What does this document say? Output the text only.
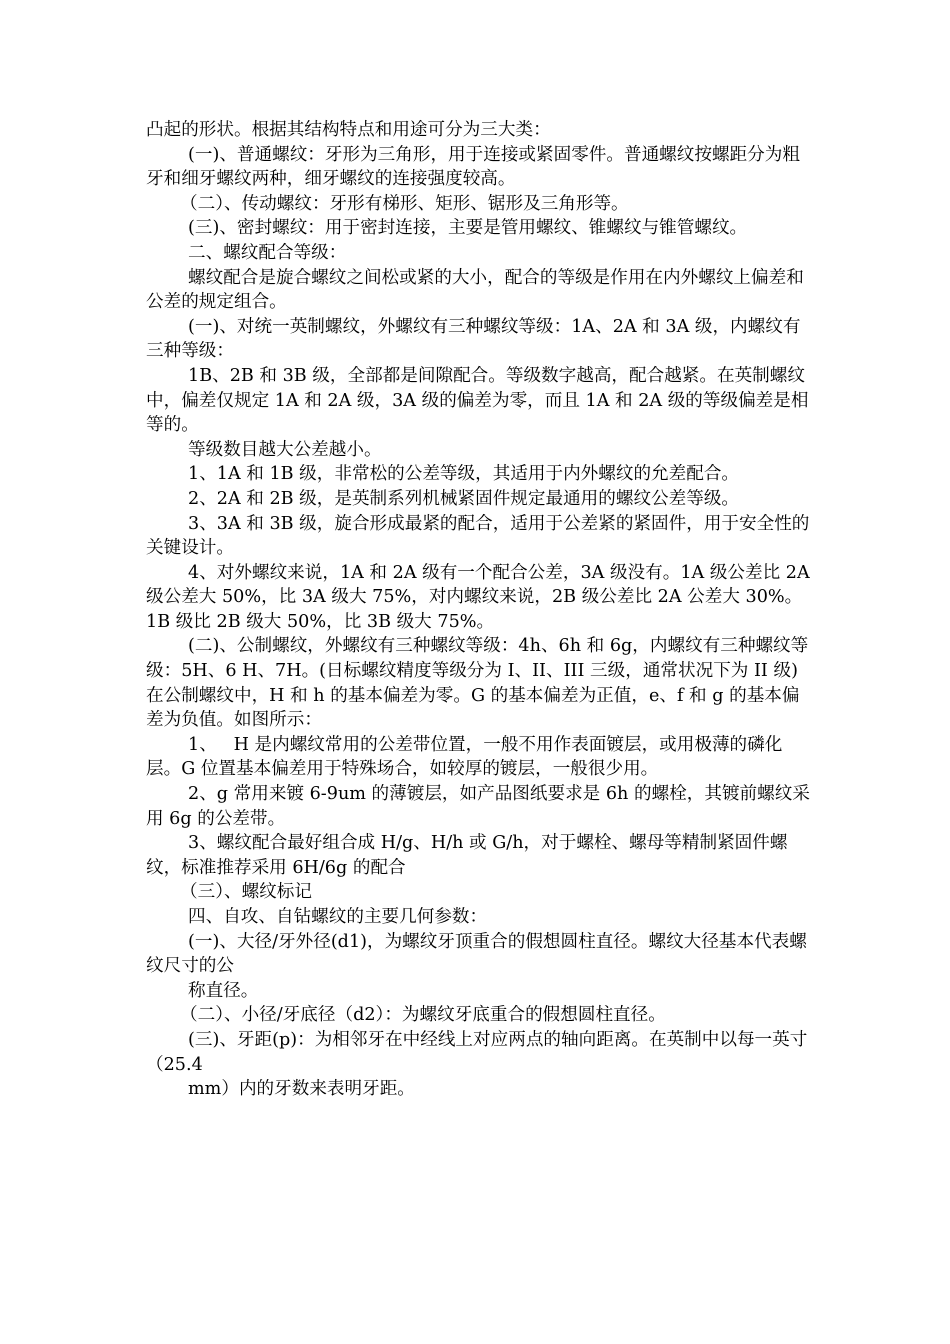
凸起的形状。根据其结构特点和用途可分为三大类：

(一)、普通螺纹：牙形为三角形，用于连接或紧固零件。普通螺纹按螺距分为粗牙和细牙螺纹两种，细牙螺纹的连接强度较高。

（二）、传动螺纹：牙形有梯形、矩形、锯形及三角形等。

(三)、密封螺纹：用于密封连接，主要是管用螺纹、锥螺纹与锥管螺纹。

二、螺纹配合等级：

螺纹配合是旋合螺纹之间松或紧的大小，配合的等级是作用在内外螺纹上偏差和公差的规定组合。

(一)、对统一英制螺纹，外螺纹有三种螺纹等级：1A、2A 和 3A 级，内螺纹有三种等级：

1B、2B 和 3B 级，全部都是间隙配合。等级数字越高，配合越紧。在英制螺纹中，偏差仅规定 1A 和 2A 级，3A 级的偏差为零，而且 1A 和 2A 级的等级偏差是相等的。

等级数目越大公差越小。

1、1A 和 1B 级，非常松的公差等级，其适用于内外螺纹的允差配合。

2、2A 和 2B 级，是英制系列机械紧固件规定最通用的螺纹公差等级。

3、3A 和 3B 级，旋合形成最紧的配合，适用于公差紧的紧固件，用于安全性的关键设计。

4、对外螺纹来说，1A 和 2A 级有一个配合公差，3A 级没有。1A 级公差比 2A 级公差大 50%，比 3A 级大 75%，对内螺纹来说，2B 级公差比 2A 公差大 30%。1B 级比 2B 级大 50%，比 3B 级大 75%。

(二)、公制螺纹，外螺纹有三种螺纹等级：4h、6h 和 6g，内螺纹有三种螺纹等级：5H、6 H、7H。(日标螺纹精度等级分为 I、II、III 三级，通常状况下为 II 级)在公制螺纹中，H 和 h 的基本偏差为零。G 的基本偏差为正值，e、f 和 g 的基本偏差为负值。如图所示：

1、   H 是内螺纹常用的公差带位置，一般不用作表面镀层，或用极薄的磷化层。G 位置基本偏差用于特殊场合，如较厚的镀层，一般很少用。

2、g 常用来镀 6-9um 的薄镀层，如产品图纸要求是 6h 的螺栓，其镀前螺纹采用 6g 的公差带。

3、螺纹配合最好组合成 H/g、H/h 或 G/h，对于螺栓、螺母等精制紧固件螺纹，标准推荐采用 6H/6g 的配合

（三）、螺纹标记

四、自攻、自钻螺纹的主要几何参数：

(一)、大径/牙外径(d1)，为螺纹牙顶重合的假想圆柱直径。螺纹大径基本代表螺纹尺寸的公

称直径。

（二）、小径/牙底径（d2）：为螺纹牙底重合的假想圆柱直径。

(三)、牙距(p)：为相邻牙在中经线上对应两点的轴向距离。在英制中以每一英寸（25.4

mm）内的牙数来表明牙距。
